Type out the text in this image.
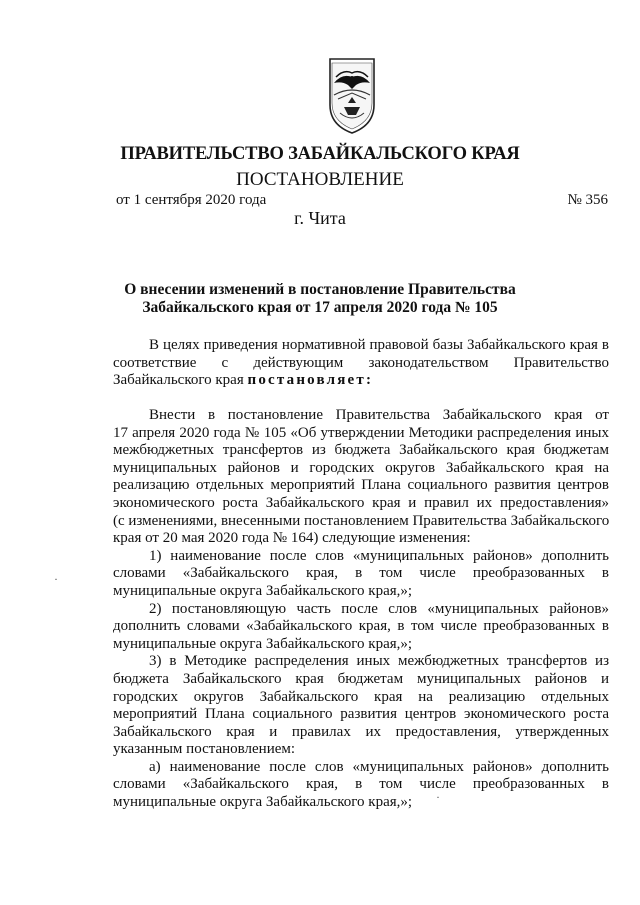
ПРАВИТЕЛЬСТВО ЗАБАЙКАЛЬСКОГО КРАЯ
ПОСТАНОВЛЕНИЕ
от 1 сентября 2020 года	№ 356
г. Чита
О внесении изменений в постановление Правительства
Забайкальского края от 17 апреля 2020 года № 105
В целях приведения нормативной правовой базы Забайкальского края в
соответствие с действующим законодательством Правительство
Забайкальского края постановляет:
Внести в постановление Правительства Забайкальского края от
17 апреля 2020 года № 105 «Об утверждении Методики распределения иных
межбюджетных трансфертов из бюджета Забайкальского края бюджетам
муниципальных районов и городских округов Забайкальского края на
реализацию отдельных мероприятий Плана социального развития центров
экономического роста Забайкальского края и правил их предоставления»
(с изменениями, внесенными постановлением Правительства Забайкальского
края от 20 мая 2020 года № 164) следующие изменения:
1) наименование после слов «муниципальных районов» дополнить
словами «Забайкальского края, в том числе преобразованных в
муниципальные округа Забайкальского края,»;
2) постановляющую часть после слов «муниципальных районов»
дополнить словами «Забайкальского края, в том числе преобразованных в
муниципальные округа Забайкальского края,»;
3) в Методике распределения иных межбюджетных трансфертов из
бюджета Забайкальского края бюджетам муниципальных районов и
городских округов Забайкальского края на реализацию отдельных
мероприятий Плана социального развития центров экономического роста
Забайкальского края и правилах их предоставления, утвержденных
указанным постановлением:
а) наименование после слов «муниципальных районов» дополнить
словами «Забайкальского края, в том числе преобразованных в
муниципальные округа Забайкальского края,»;
·
·
